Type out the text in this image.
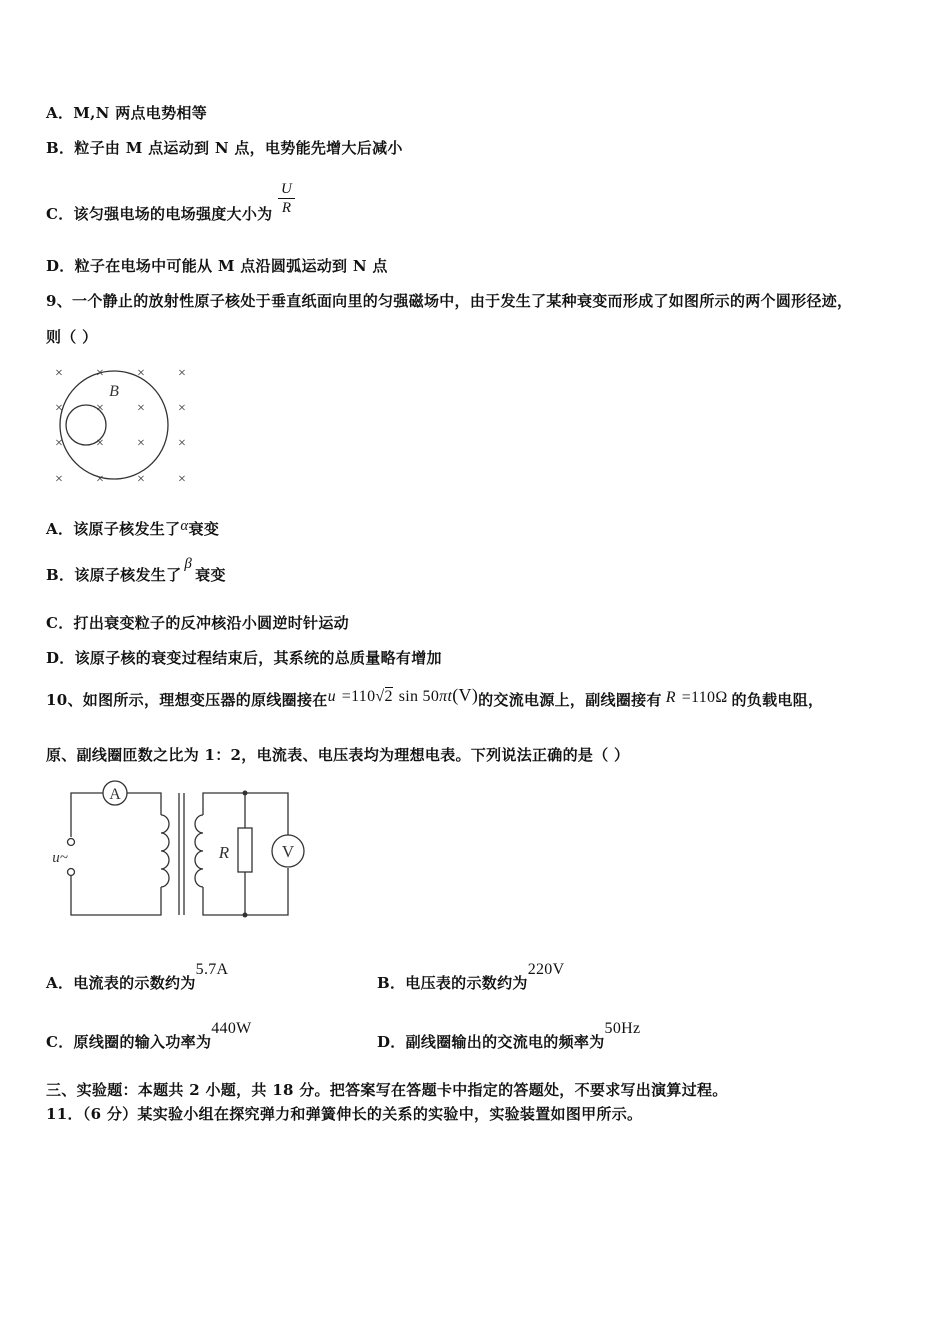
A．M,N 两点电势相等
B．粒子由 M 点运动到 N 点，电势能先增大后减小
C．该匀强电场的电场强度大小为 $\frac{U}{R}$
D．粒子在电场中可能从 M 点沿圆弧运动到 N 点
9、一个静止的放射性原子核处于垂直纸面向里的匀强磁场中，由于发生了某种衰变而形成了如图所示的两个圆形径迹，
则（ ）
× × × ×
× × × ×
× × × ×
× × × ×
B
A．该原子核发生了α衰变
B．该原子核发生了β衰变
C．打出衰变粒子的反冲核沿小圆逆时针运动
D．该原子核的衰变过程结束后，其系统的总质量略有增加
10、如图所示，理想变压器的原线圈接在u =110√2 sin 50πt(V)的交流电源上，副线圈接有 R =110Ω 的负载电阻，
原、副线圈匝数之比为 1：2，电流表、电压表均为理想电表。下列说法正确的是（ ）
A
V
R
u~
A．电流表的示数约为5.7A
B．电压表的示数约为220V
C．原线圈的输入功率为440W
D．副线圈输出的交流电的频率为50Hz
三、实验题：本题共 2 小题，共 18 分。把答案写在答题卡中指定的答题处，不要求写出演算过程。
11．（6 分）某实验小组在探究弹力和弹簧伸长的关系的实验中，实验装置如图甲所示。
